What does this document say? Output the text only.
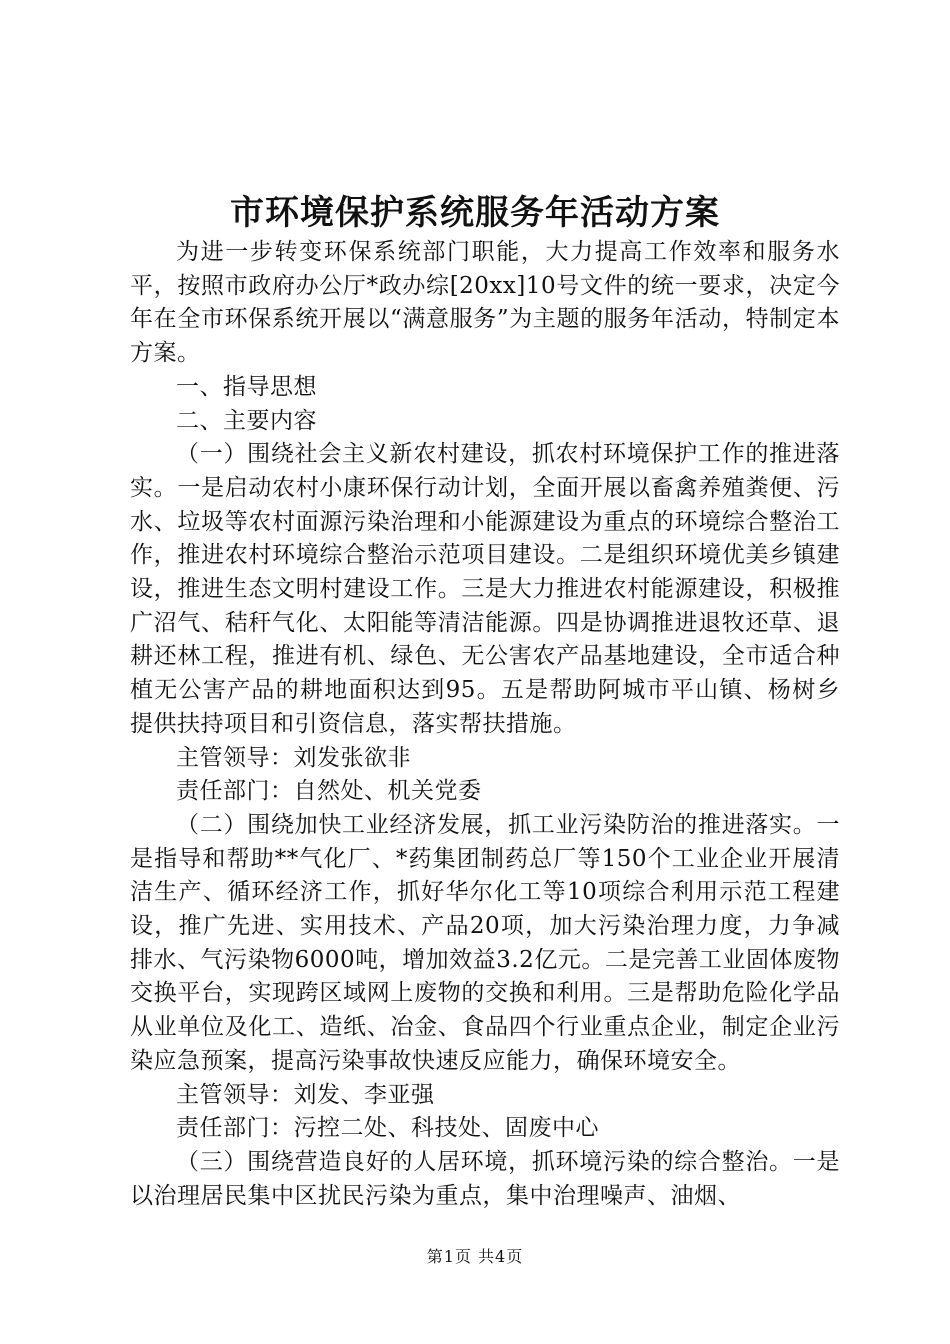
市环境保护系统服务年活动方案

为进一步转变环保系统部门职能，大力提高工作效率和服务水平，按照市政府办公厅*政办综[20xx]10号文件的统一要求，决定今年在全市环保系统开展以“满意服务”为主题的服务年活动，特制定本方案。

一、指导思想

二、主要内容

（一）围绕社会主义新农村建设，抓农村环境保护工作的推进落实。一是启动农村小康环保行动计划，全面开展以畜禽养殖粪便、污水、垃圾等农村面源污染治理和小能源建设为重点的环境综合整治工作，推进农村环境综合整治示范项目建设。二是组织环境优美乡镇建设，推进生态文明村建设工作。三是大力推进农村能源建设，积极推广沼气、秸秆气化、太阳能等清洁能源。四是协调推进退牧还草、退耕还林工程，推进有机、绿色、无公害农产品基地建设，全市适合种植无公害产品的耕地面积达到95。五是帮助阿城市平山镇、杨树乡提供扶持项目和引资信息，落实帮扶措施。

主管领导：刘发张欲非

责任部门：自然处、机关党委

（二）围绕加快工业经济发展，抓工业污染防治的推进落实。一是指导和帮助**气化厂、*药集团制药总厂等150个工业企业开展清洁生产、循环经济工作，抓好华尔化工等10项综合利用示范工程建设，推广先进、实用技术、产品20项，加大污染治理力度，力争减排水、气污染物6000吨，增加效益3.2亿元。二是完善工业固体废物交换平台，实现跨区域网上废物的交换和利用。三是帮助危险化学品从业单位及化工、造纸、冶金、食品四个行业重点企业，制定企业污染应急预案，提高污染事故快速反应能力，确保环境安全。

主管领导：刘发、李亚强

责任部门：污控二处、科技处、固废中心

（三）围绕营造良好的人居环境，抓环境污染的综合整治。一是以治理居民集中区扰民污染为重点，集中治理噪声、油烟、

第1页 共4页
